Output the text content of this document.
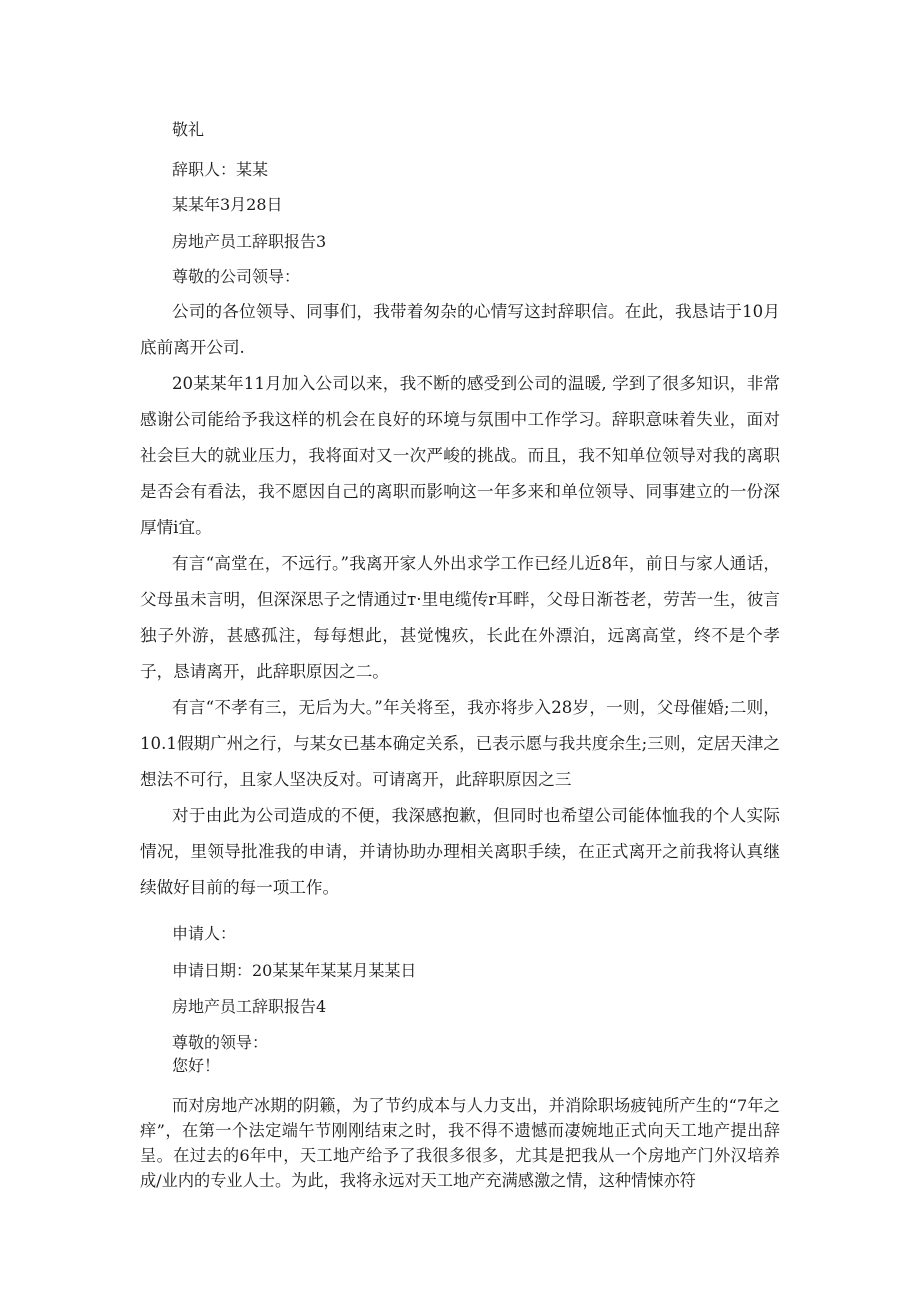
敬礼

辞职人：某某

某某年3月28日

房地产员工辞职报告3

尊敬的公司领导：

公司的各位领导、同事们，我带着匆杂的心情写这封辞职信。在此，我恳诘于10月底前离开公司.

20某某年11月加入公司以来，我不断的感受到公司的温暖, 学到了很多知识，非常感谢公司能给予我这样的机会在良好的环境与氛围中工作学习。辞职意味着失业，面对社会巨大的就业压力，我将面对又一次严峻的挑战。而且，我不知单位领导对我的离职是否会有看法，我不愿因自己的离职而影响这一年多来和单位领导、同事建立的一份深厚情i宜。

有言“高堂在，不远行。”我离开家人外出求学工作已经儿近8年，前日与家人通话，父母虽未言明，但深深思子之情通过т·里电缆传r耳畔，父母日渐苍老，劳苦一生，彼言独子外游，甚感孤注，每每想此，甚觉愧疚，长此在外漂泊，远离高堂，终不是个孝子，恳请离开，此辞职原因之二。

有言“不孝有三，无后为大。”年关将至，我亦将步入28岁，一则，父母催婚;二则，10.1假期广州之行，与某女已基本确定关系，已表示愿与我共度余生;三则，定居天津之想法不可行，且家人坚决反对。可请离开，此辞职原因之三

对于由此为公司造成的不便，我深感抱歉，但同时也希望公司能体恤我的个人实际情况，里领导批准我的申请，并请协助办理相关离职手续，在正式离开之前我将认真继续做好目前的每一项工作。

申请人：

申请日期：20某某年某某月某某日

房地产员工辞职报告4

尊敬的领导：

您好！

而对房地产冰期的阴籁，为了节约成本与人力支出，并消除职场疲钝所产生的“7年之痒”，在第一个法定端午节刚刚结束之时，我不得不遗憾而凄婉地正式向天工地产提出辞呈。在过去的6年中，天工地产给予了我很多很多，尤其是把我从一个房地产门外汉培养成/业内的专业人士。为此，我将永远对天工地产充满感激之情，这种情悚亦符
